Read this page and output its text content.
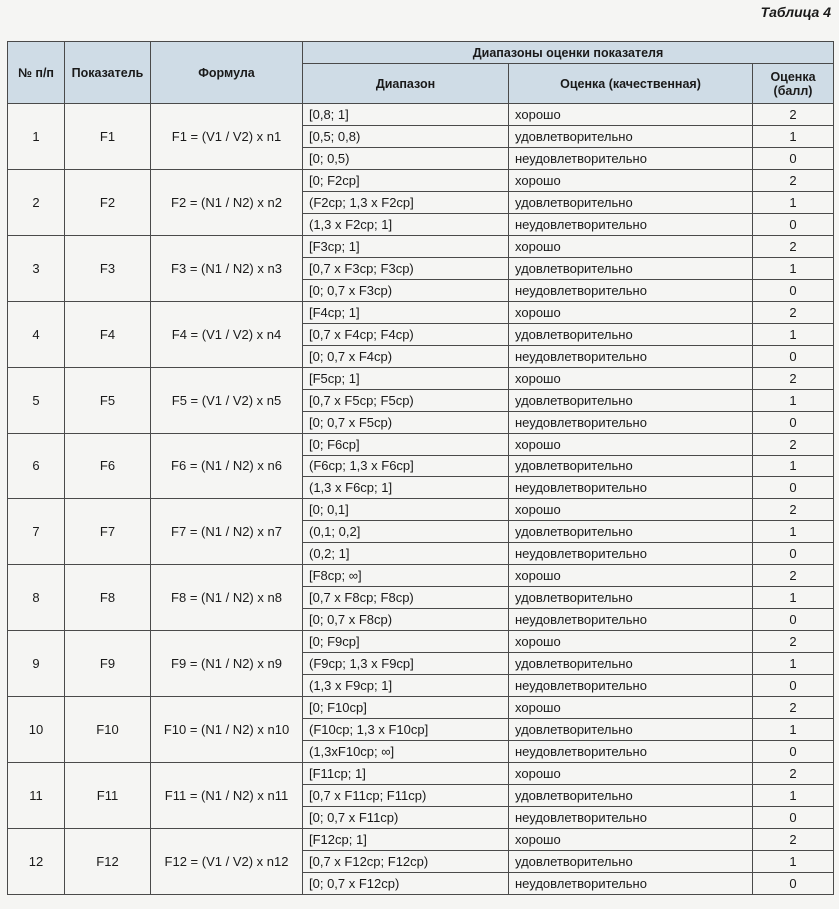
Таблица 4
№ п/п	Показатель	Формула	Диапазоны оценки показателя		
			Диапазон	Оценка (качественная)	Оценка
(балл)
1	F1	F1 = (V1 / V2) x n1	[0,8; 1]	хорошо	2
			[0,5; 0,8)	удовлетворительно	1
			[0; 0,5)	неудовлетворительно	0
2	F2	F2 = (N1 / N2) x n2	[0; F2ср]	хорошо	2
			(F2ср; 1,3 x F2ср]	удовлетворительно	1
			(1,3 x F2ср; 1]	неудовлетворительно	0
3	F3	F3 = (N1 / N2) x n3	[F3ср; 1]	хорошо	2
			[0,7 x F3ср; F3ср)	удовлетворительно	1
			[0; 0,7 x F3ср)	неудовлетворительно	0
4	F4	F4 = (V1 / V2) x n4	[F4ср; 1]	хорошо	2
			[0,7 x F4ср; F4ср)	удовлетворительно	1
			[0; 0,7 x F4ср)	неудовлетворительно	0
5	F5	F5 = (V1 / V2) x n5	[F5ср; 1]	хорошо	2
			[0,7 x F5ср; F5ср)	удовлетворительно	1
			[0; 0,7 x F5ср)	неудовлетворительно	0
6	F6	F6 = (N1 / N2) x n6	[0; F6ср]	хорошо	2
			(F6ср; 1,3 x F6ср]	удовлетворительно	1
			(1,3 x F6ср; 1]	неудовлетворительно	0
7	F7	F7 = (N1 / N2) x n7	[0; 0,1]	хорошо	2
			(0,1; 0,2]	удовлетворительно	1
			(0,2; 1]	неудовлетворительно	0
8	F8	F8 = (N1 / N2) x n8	[F8ср; ∞]	хорошо	2
			[0,7 x F8ср; F8ср)	удовлетворительно	1
			[0; 0,7 x F8ср)	неудовлетворительно	0
9	F9	F9 = (N1 / N2) x n9	[0; F9ср]	хорошо	2
			(F9ср; 1,3 x F9ср]	удовлетворительно	1
			(1,3 x F9ср; 1]	неудовлетворительно	0
10	F10	F10 = (N1 / N2) x n10	[0; F10ср]	хорошо	2
			(F10ср; 1,3 x F10ср]	удовлетворительно	1
			(1,3xF10ср; ∞]	неудовлетворительно	0
11	F11	F11 = (N1 / N2) x n11	[F11ср; 1]	хорошо	2
			[0,7 x F11ср; F11ср)	удовлетворительно	1
			[0; 0,7 x F11ср)	неудовлетворительно	0
12	F12	F12 = (V1 / V2) x n12	[F12ср; 1]	хорошо	2
			[0,7 x F12ср; F12ср)	удовлетворительно	1
			[0; 0,7 x F12ср)	неудовлетворительно	0
